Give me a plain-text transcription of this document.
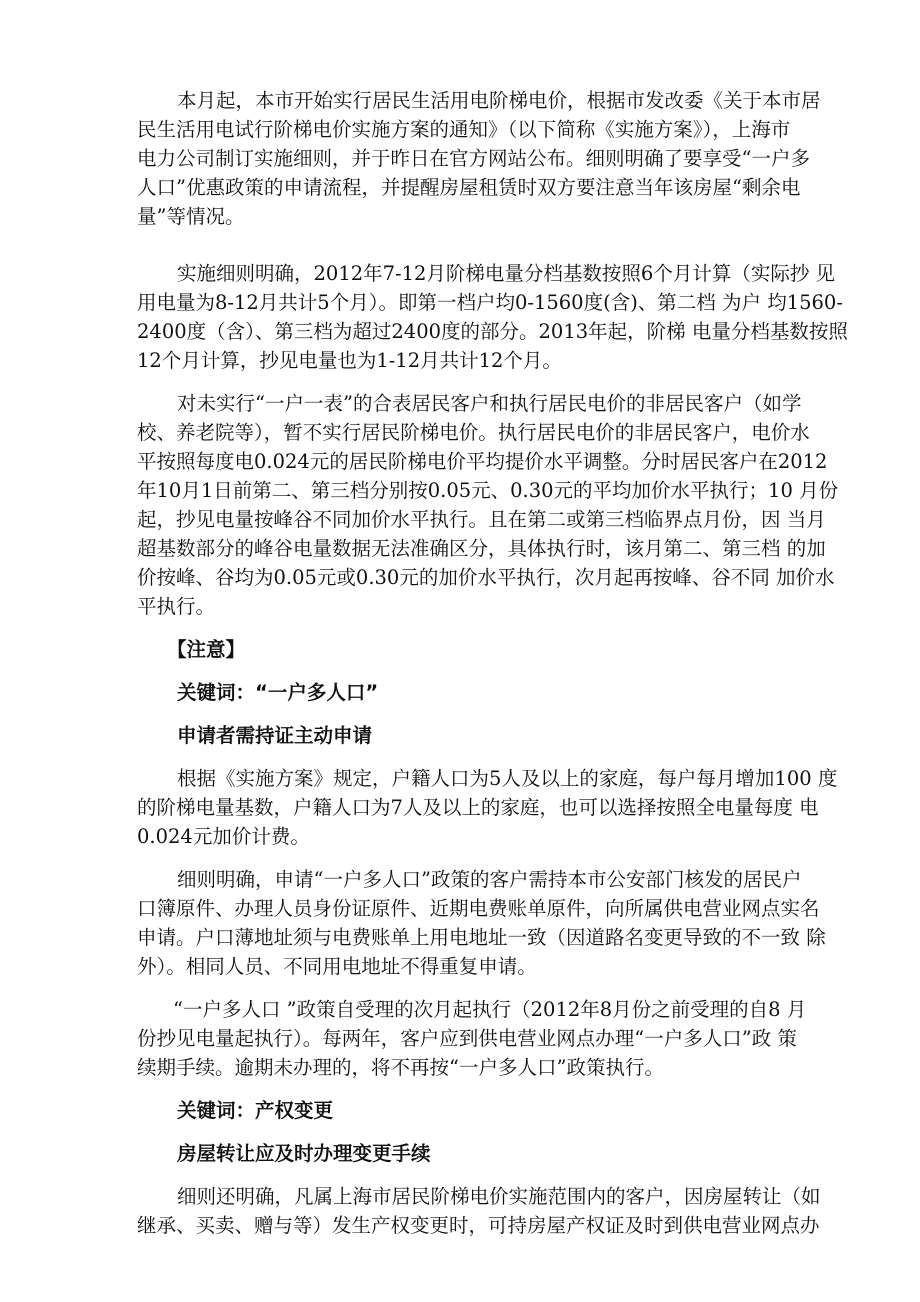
本月起，本市开始实行居民生活用电阶梯电价，根据市发改委《关于本市居
民生活用电试行阶梯电价实施方案的通知》（以下简称《实施方案》），上海市
电力公司制订实施细则，并于昨日在官方网站公布。细则明确了要享受“一户多
人口”优惠政策的申请流程，并提醒房屋租赁时双方要注意当年该房屋“剩余电
量”等情况。
实施细则明确，2012年7-12月阶梯电量分档基数按照6个月计算（实际抄 见
用电量为8-12月共计5个月）。即第一档户均0-1560度(含)、第二档 为户 均1560-
2400度（含）、第三档为超过2400度的部分。2013年起，阶梯 电量分档基数按照
12个月计算，抄见电量也为1-12月共计12个月。
对未实行“一户一表”的合表居民客户和执行居民电价的非居民客户（如学
校、养老院等），暂不实行居民阶梯电价。执行居民电价的非居民客户，电价水
平按照每度电0.024元的居民阶梯电价平均提价水平调整。分时居民客户在2012
年10月1日前第二、第三档分别按0.05元、0.30元的平均加价水平执行；10 月份
起，抄见电量按峰谷不同加价水平执行。且在第二或第三档临界点月份，因 当月
超基数部分的峰谷电量数据无法准确区分，具体执行时，该月第二、第三档 的加
价按峰、谷均为0.05元或0.30元的加价水平执行，次月起再按峰、谷不同 加价水
平执行。
【注意】
关键词：“一户多人口”
申请者需持证主动申请
根据《实施方案》规定，户籍人口为5人及以上的家庭，每户每月增加100 度
的阶梯电量基数，户籍人口为7人及以上的家庭，也可以选择按照全电量每度 电
0.024元加价计费。
细则明确，申请“一户多人口”政策的客户需持本市公安部门核发的居民户
口簿原件、办理人员身份证原件、近期电费账单原件，向所属供电营业网点实名
申请。户口薄地址须与电费账单上用电地址一致（因道路名变更导致的不一致 除
外）。相同人员、不同用电地址不得重复申请。
“一户多人口 ”政策自受理的次月起执行（2012年8月份之前受理的自8 月
份抄见电量起执行）。每两年，客户应到供电营业网点办理“一户多人口”政 策
续期手续。逾期未办理的，将不再按“一户多人口”政策执行。
关键词：产权变更
房屋转让应及时办理变更手续
细则还明确，凡属上海市居民阶梯电价实施范围内的客户，因房屋转让（如
继承、买卖、赠与等）发生产权变更时，可持房屋产权证及时到供电营业网点办
